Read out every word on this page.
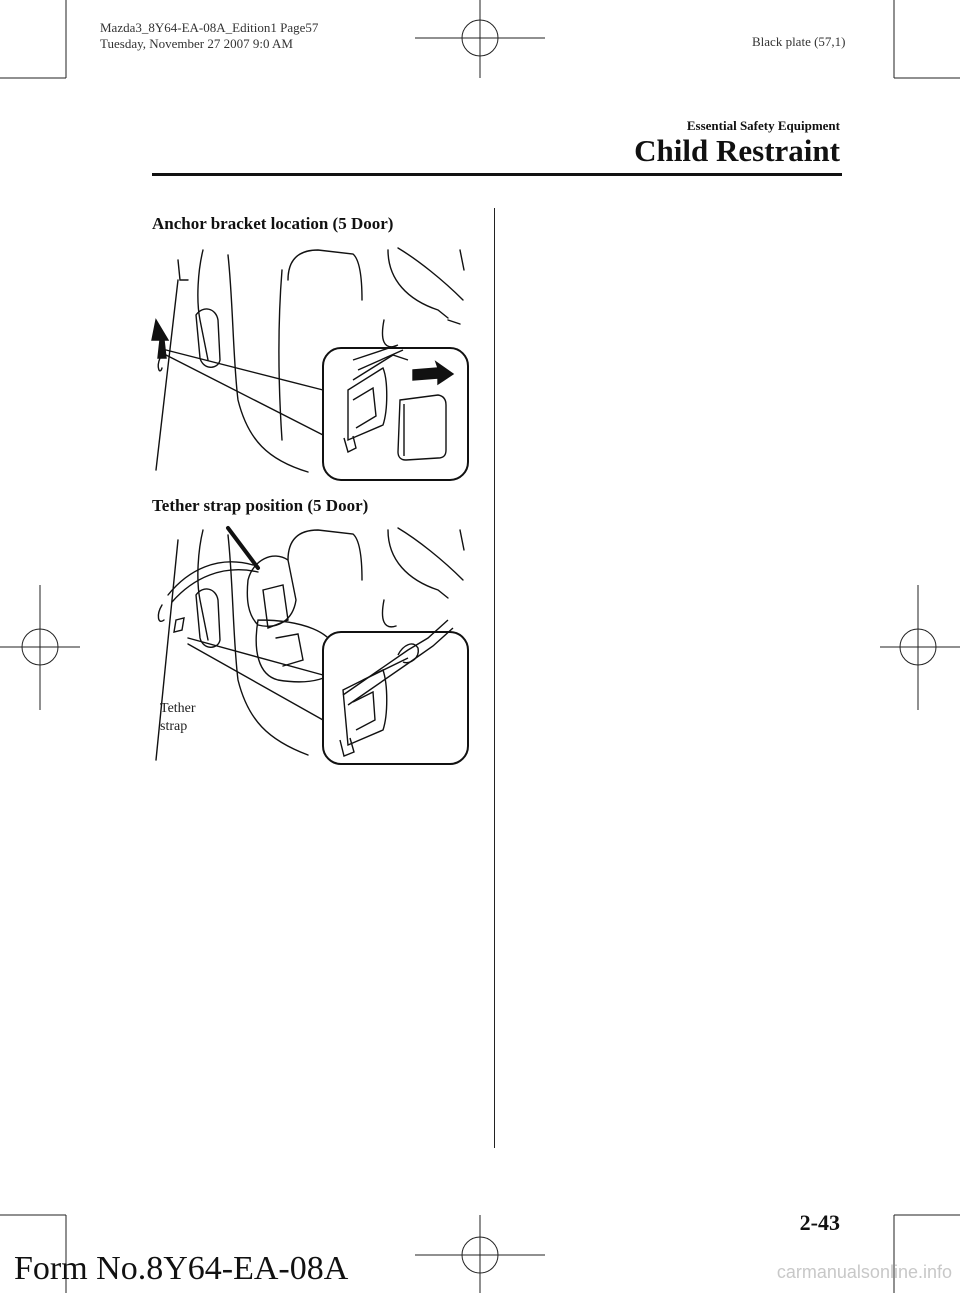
Mazda3_8Y64-EA-08A_Edition1 Page57
Tuesday, November 27 2007 9:0 AM	Black plate (57,1)
Essential Safety Equipment
Child Restraint
Anchor bracket location (5 Door)
Tether strap position (5 Door)
Tether
strap
2-43
Form No.8Y64-EA-08A	carmanualsonline.info
